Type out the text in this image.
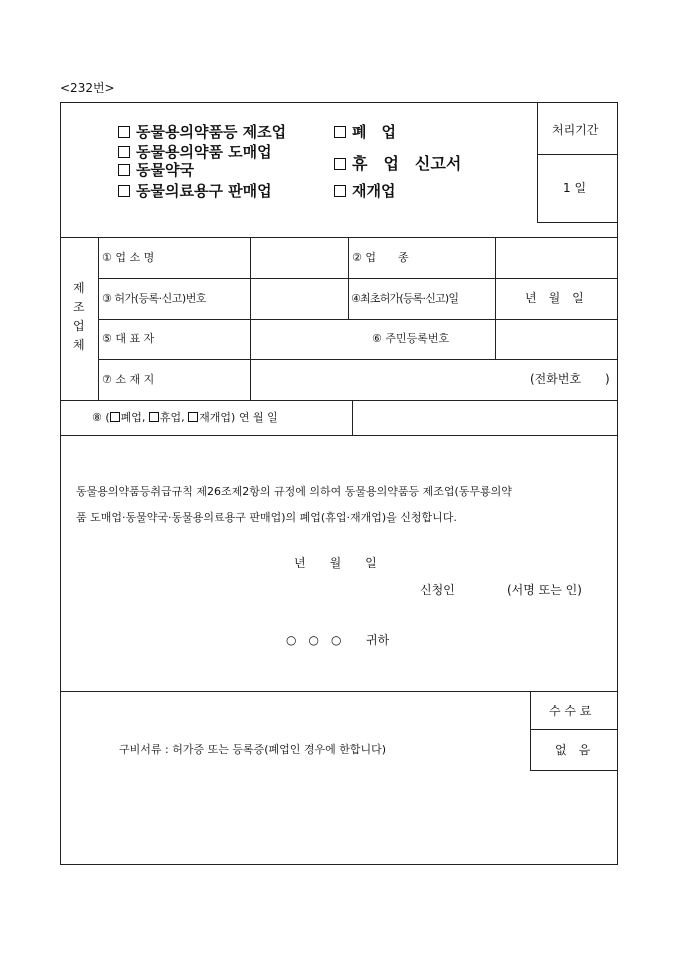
<232번>
동물용의약품등 제조업
동물용의약품 도매업
동물약국
동물의료용구 판매업
폐　업
휴　업　신고서
재개업
처리기간
1 일
제
조
업
체
① 업 소 명	② 업　　종
③ 허가(등록·신고)번호	④최초허가(등록·신고)일	년　월　일
⑤ 대 표 자	⑥ 주민등록번호
⑦ 소 재 지	(전화번호　　)
⑧ ( 폐업, 휴업, 재개업) 연 월 일
동물용의약품등취급규칙 제26조제2항의 규정에 의하여 동물용의약품등 제조업(동무룡의약
품 도매업·동물약국·동물용의료용구 판매업)의 폐업(휴업·재개업)을 신청합니다.
년　　월　　일
신청인	(서명 또는 인)
○　○　○ 귀하
구비서류 : 허가증 또는 등록증(폐업인 경우에 한합니다)
수 수 료
없　음
